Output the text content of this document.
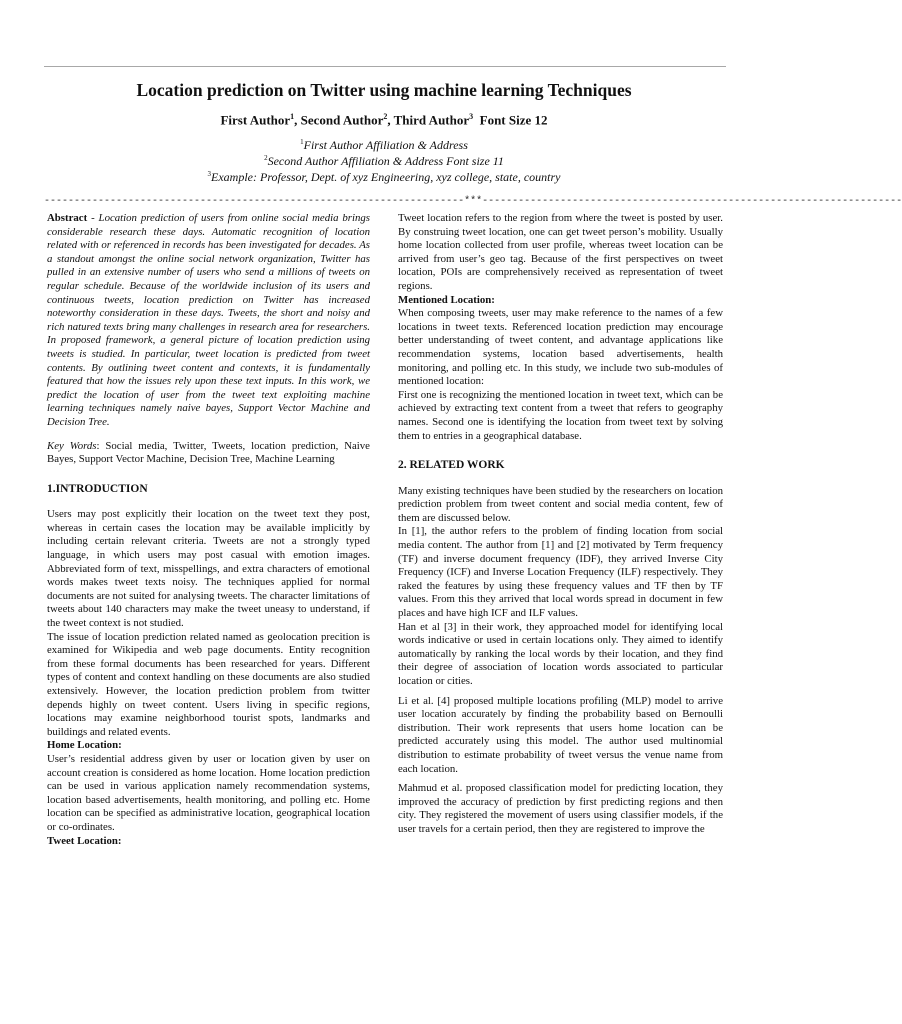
Location prediction on Twitter using machine learning Techniques
First Author$^1$, Second Author$^2$, Third Author$^3$  Font Size 12
$^1$First Author Affiliation & Address
$^2$Second Author Affiliation & Address Font size 11
$^3$Example: Professor, Dept. of xyz Engineering, xyz college, state, country
----------------------------------------------------------------------***----------------------------------------------------------------------

Abstract - Location prediction of users from online social media brings considerable research these days. Automatic recognition of location related with or referenced in records has been investigated for decades. As a standout amongst the online social network organization, Twitter has pulled in an extensive number of users who send a millions of tweets on regular schedule. Because of the worldwide inclusion of its users and continuous tweets, location prediction on Twitter has increased noteworthy consideration in these days. Tweets, the short and noisy and rich natured texts bring many challenges in research area for researchers. In proposed framework, a general picture of location prediction using tweets is studied. In particular, tweet location is predicted from tweet contents. By outlining tweet content and contexts, it is fundamentally featured that how the issues rely upon these text inputs. In this work, we predict the location of user from the tweet text exploiting machine learning techniques namely naive bayes, Support Vector Machine and Decision Tree.

Key Words: Social media, Twitter, Tweets, location prediction, Naive Bayes, Support Vector Machine, Decision Tree, Machine Learning

1.INTRODUCTION

Users may post explicitly their location on the tweet text they post, whereas in certain cases the location may be available implicitly by including certain relevant criteria. Tweets are not a strongly typed language, in which users may post casual with emotion images. Abbreviated form of text, misspellings, and extra characters of emotional words makes tweet texts noisy. The techniques applied for normal documents are not suited for analysing tweets. The character limitations of tweets about 140 characters may make the tweet uneasy to understand, if the tweet context is not studied.

The issue of location prediction related named as geolocation precition is examined for Wikipedia and web page documents. Entity recognition from these formal documents has been researched for years. Different types of content and context handling on these documents are also studied extensively. However, the location prediction problem from twitter depends highly on tweet content. Users living in specific regions, locations may examine neighborhood tourist spots, landmarks and buildings and related events.

Home Location:

User’s residential address given by user or location given by user on account creation is considered as home location. Home location prediction can be used in various application namely recommendation systems, location based advertisements, health monitoring, and polling etc. Home location can be specified as administrative location, geographical location or co-ordinates.

Tweet Location:

Tweet location refers to the region from where the tweet is posted by user. By construing tweet location, one can get tweet person’s mobility. Usually home location collected from user profile, whereas tweet location can be arrived from user’s geo tag. Because of the first perspectives on tweet location, POIs are comprehensively received as representation of tweet regions.

Mentioned Location:

When composing tweets, user may make reference to the names of a few locations in tweet texts. Referenced location prediction may encourage better understanding of tweet content, and advantage applications like recommendation systems, location based advertisements, health monitoring, and polling etc. In this study, we include two sub-modules of mentioned location:

First one is recognizing the mentioned location in tweet text, which can be achieved by extracting text content from a tweet that refers to geography names. Second one is identifying the location from tweet text by solving them to entries in a geographical database.

2. RELATED WORK

Many existing techniques have been studied by the researchers on location prediction problem from tweet content and social media content, few of them are discussed below.

In [1], the author refers to the problem of finding location from social media content. The author from [1] and [2] motivated by Term frequency (TF) and inverse document frequency (IDF), they arrived Inverse City Frequency (ICF) and Inverse Location Frequency (ILF) respectively. They raked the features by using these frequency values and TF then by TF values. From this they arrived that local words spread in document in few places and have high ICF and ILF values.

Han et al [3] in their work, they approached model for identifying local words indicative or used in certain locations only. They aimed to identify automatically by ranking the local words by their location, and they find their degree of association of location words associated to particular location or cities.

Li et al. [4] proposed multiple locations profiling (MLP) model to arrive user location accurately by finding the probability based on Bernoulli distribution. Their work represents that users home location can be predicted accurately using this model. The author used multinomial distribution to estimate probability of tweet versus the venue name from each location.

Mahmud et al. proposed classification model for predicting location, they improved the accuracy of prediction by first predicting regions and then city. They registered the movement of users using classifier models, if the user travels for a certain period, then they are registered to improve the
